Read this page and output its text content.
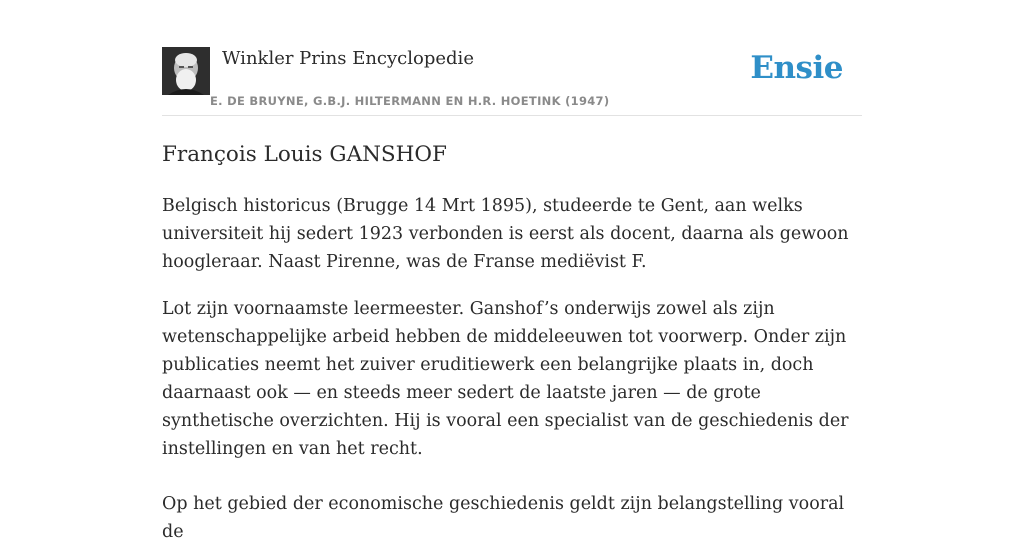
Winkler Prins Encyclopedie
E. DE BRUYNE, G.B.J. HILTERMANN EN H.R. HOETINK (1947)
Ensie
François Louis GANSHOF

Belgisch historicus (Brugge 14 Mrt 1895), studeerde te Gent, aan welks universiteit hij sedert 1923 verbonden is eerst als docent, daarna als gewoon hoogleraar. Naast Pirenne, was de Franse mediëvist F.

Lot zijn voornaamste leermeester. Ganshof’s onderwijs zowel als zijn wetenschappelijke arbeid hebben de middeleeuwen tot voorwerp. Onder zijn publicaties neemt het zuiver eruditiewerk een belangrijke plaats in, doch daarnaast ook — en steeds meer sedert de laatste jaren — de grote synthetische overzichten. Hij is vooral een specialist van de geschiedenis der instellingen en van het recht.

Op het gebied der economische geschiedenis geldt zijn belangstelling vooral de
